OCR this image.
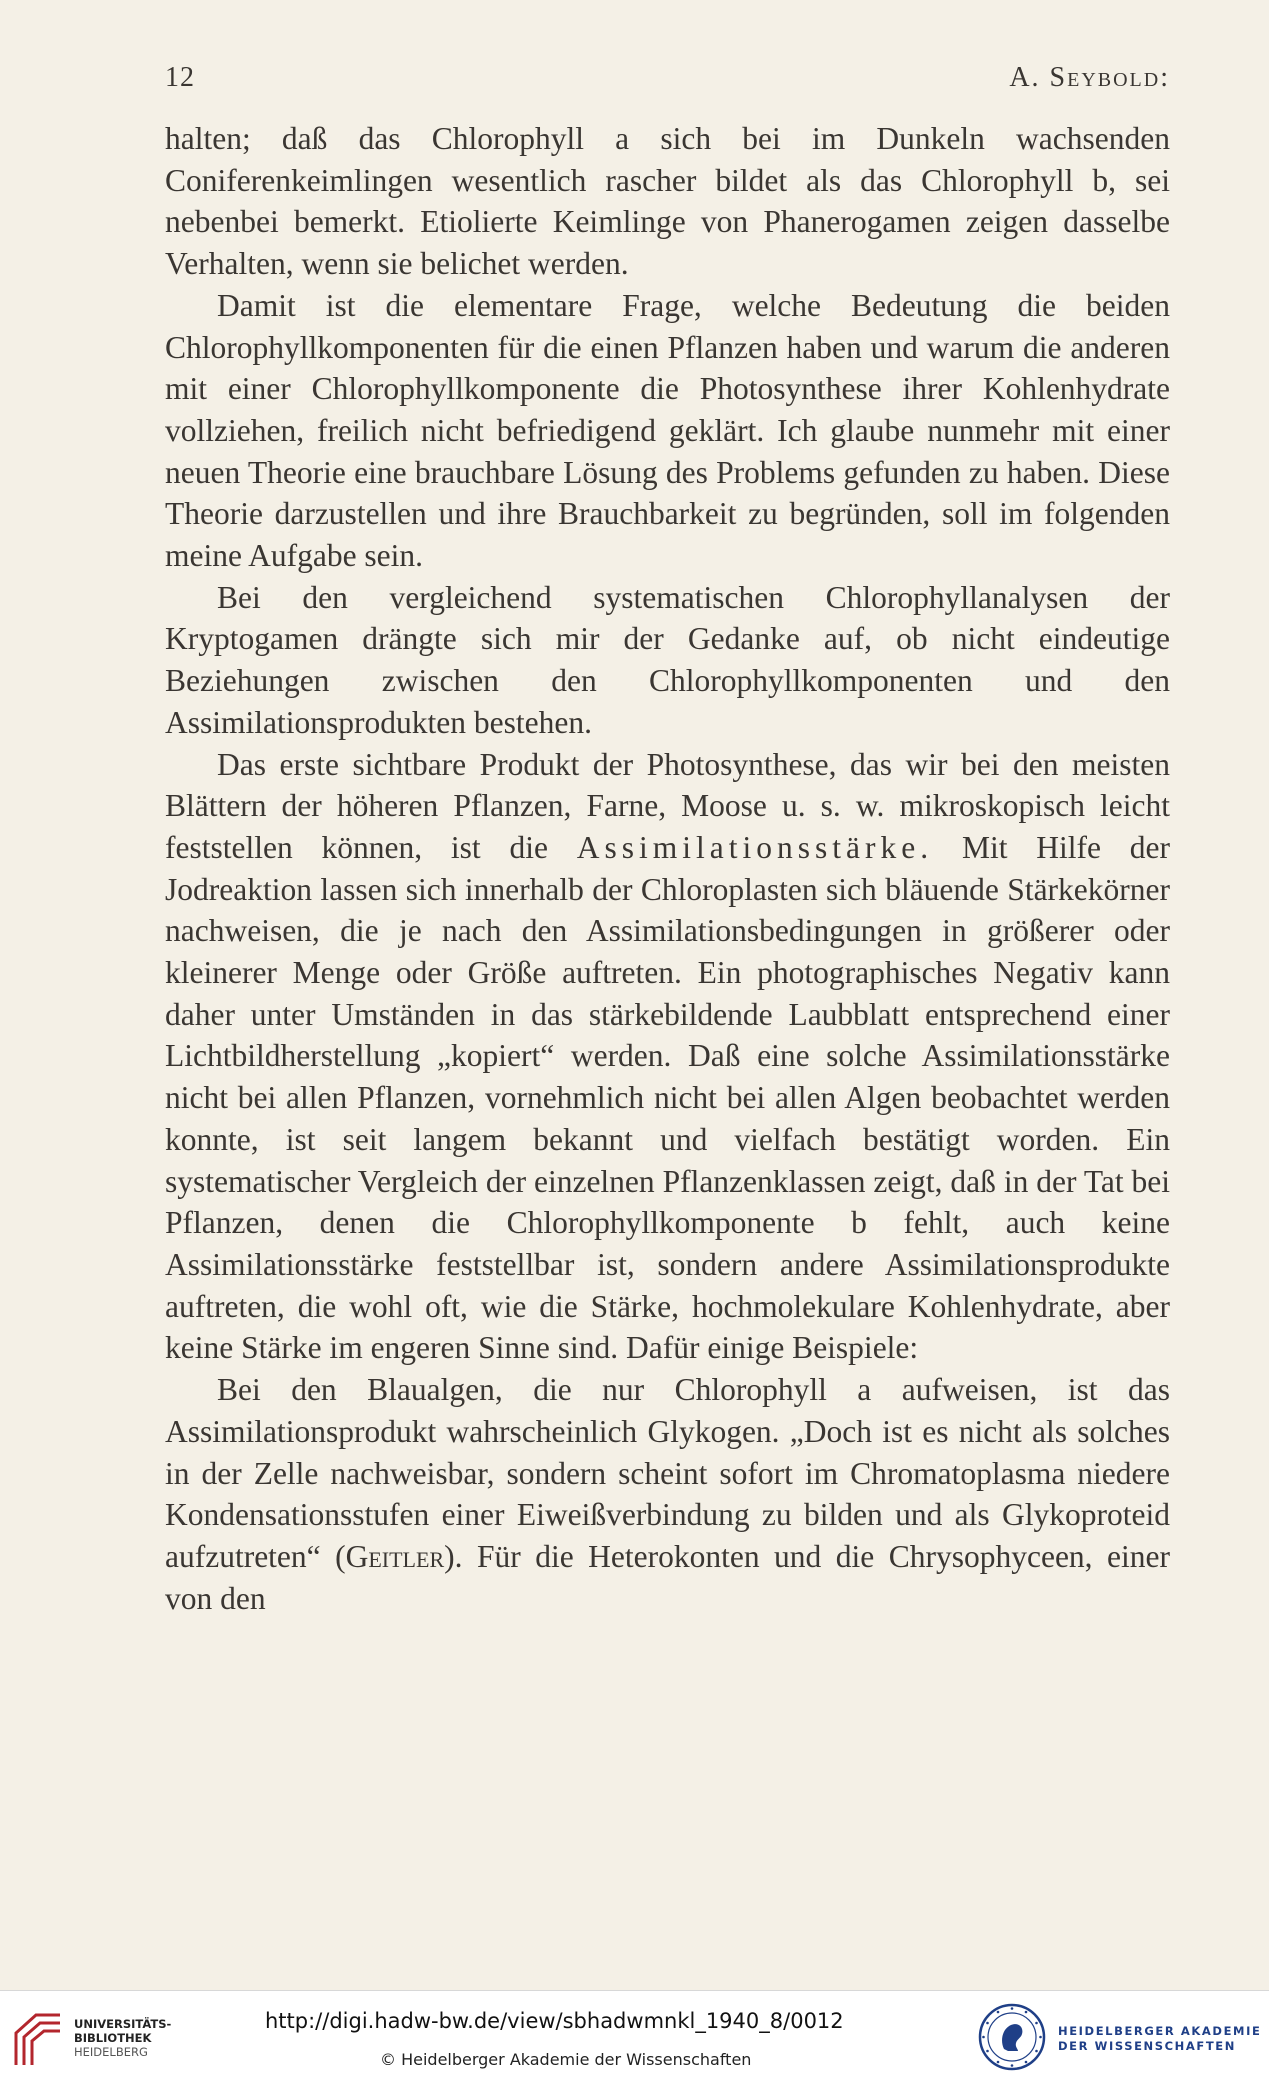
12	A. Seybold:

halten; daß das Chlorophyll a sich bei im Dunkeln wachsenden Coniferenkeimlingen wesentlich rascher bildet als das Chlorophyll b, sei nebenbei bemerkt. Etiolierte Keimlinge von Phanerogamen zeigen dasselbe Verhalten, wenn sie belichet werden.

Damit ist die elementare Frage, welche Bedeutung die beiden Chlorophyllkomponenten für die einen Pflanzen haben und warum die anderen mit einer Chlorophyllkomponente die Photosynthese ihrer Kohlenhydrate vollziehen, freilich nicht befriedigend geklärt. Ich glaube nunmehr mit einer neuen Theorie eine brauchbare Lösung des Problems gefunden zu haben. Diese Theorie darzustellen und ihre Brauchbarkeit zu begründen, soll im folgenden meine Aufgabe sein.

Bei den vergleichend systematischen Chlorophyllanalysen der Kryptogamen drängte sich mir der Gedanke auf, ob nicht eindeutige Beziehungen zwischen den Chlorophyllkomponenten und den Assimilationsprodukten bestehen.

Das erste sichtbare Produkt der Photosynthese, das wir bei den meisten Blättern der höheren Pflanzen, Farne, Moose u. s. w. mikroskopisch leicht feststellen können, ist die Assimilationsstärke. Mit Hilfe der Jodreaktion lassen sich innerhalb der Chloroplasten sich bläuende Stärkekörner nachweisen, die je nach den Assimilationsbedingungen in größerer oder kleinerer Menge oder Größe auftreten. Ein photographisches Negativ kann daher unter Umständen in das stärkebildende Laubblatt entsprechend einer Lichtbildherstellung „kopiert“ werden. Daß eine solche Assimilationsstärke nicht bei allen Pflanzen, vornehmlich nicht bei allen Algen beobachtet werden konnte, ist seit langem bekannt und vielfach bestätigt worden. Ein systematischer Vergleich der einzelnen Pflanzenklassen zeigt, daß in der Tat bei Pflanzen, denen die Chlorophyllkomponente b fehlt, auch keine Assimilationsstärke feststellbar ist, sondern andere Assimilationsprodukte auftreten, die wohl oft, wie die Stärke, hochmolekulare Kohlenhydrate, aber keine Stärke im engeren Sinne sind. Dafür einige Beispiele:

Bei den Blaualgen, die nur Chlorophyll a aufweisen, ist das Assimilationsprodukt wahrscheinlich Glykogen. „Doch ist es nicht als solches in der Zelle nachweisbar, sondern scheint sofort im Chromatoplasma niedere Kondensationsstufen einer Eiweißverbindung zu bilden und als Glykoproteid aufzutreten“ (Geitler). Für die Heterokonten und die Chrysophyceen, einer von den

UNIVERSITÄTS-
BIBLIOTHEK
HEIDELBERG
http://digi.hadw-bw.de/view/sbhadwmnkl_1940_8/0012
© Heidelberger Akademie der Wissenschaften
HEIDELBERGER AKADEMIE
DER WISSENSCHAFTEN
